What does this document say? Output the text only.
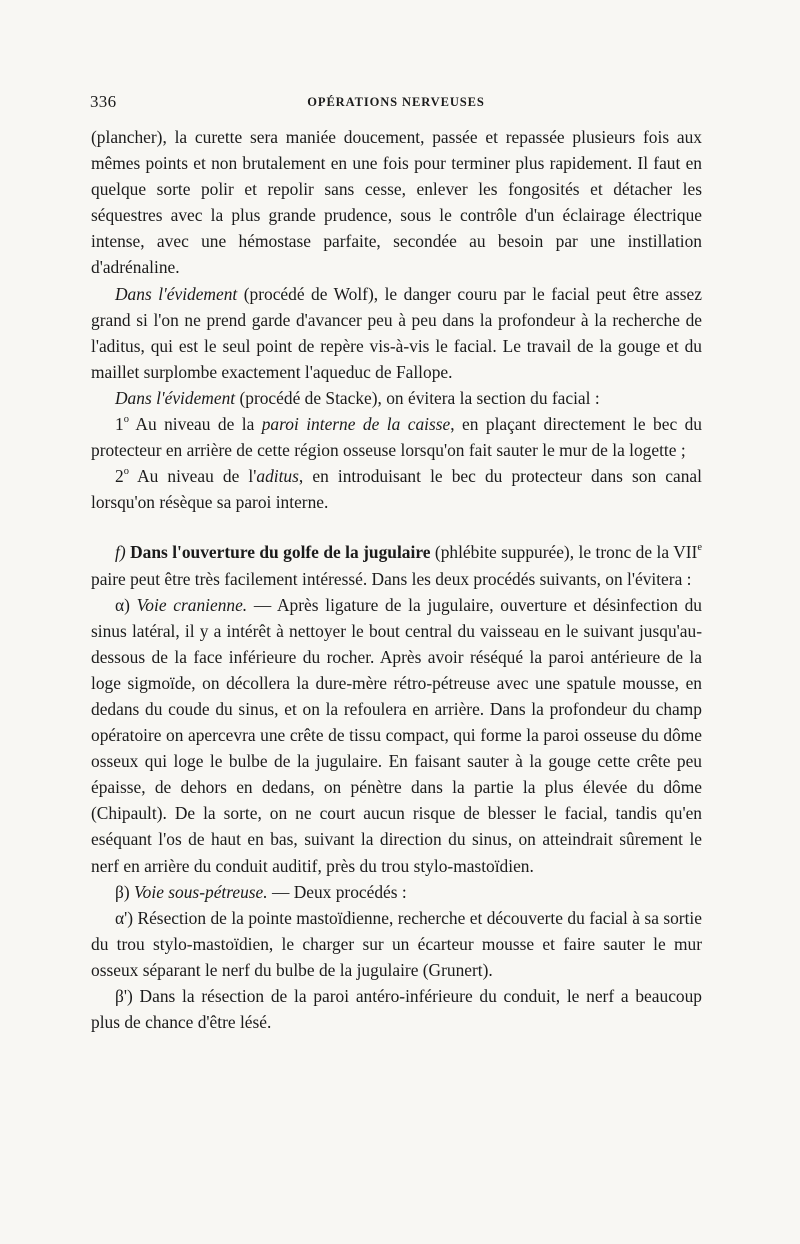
336	OPÉRATIONS NERVEUSES

(plancher), la curette sera maniée doucement, passée et repassée plusieurs fois aux mêmes points et non brutalement en une fois pour terminer plus rapidement. Il faut en quelque sorte polir et repolir sans cesse, enlever les fongosités et détacher les séquestres avec la plus grande prudence, sous le contrôle d'un éclairage électrique intense, avec une hémostase parfaite, secondée au besoin par une instillation d'adrénaline.

Dans l'évidement (procédé de Wolf), le danger couru par le facial peut être assez grand si l'on ne prend garde d'avancer peu à peu dans la profondeur à la recherche de l'aditus, qui est le seul point de repère vis-à-vis le facial. Le travail de la gouge et du maillet surplombe exactement l'aqueduc de Fallope.

Dans l'évidement (procédé de Stacke), on évitera la section du facial :

1$^o$ Au niveau de la paroi interne de la caisse, en plaçant directement le bec du protecteur en arrière de cette région osseuse lorsqu'on fait sauter le mur de la logette ;

2$^o$ Au niveau de l'aditus, en introduisant le bec du protecteur dans son canal lorsqu'on résèque sa paroi interne.

f) Dans l'ouverture du golfe de la jugulaire (phlébite suppurée), le tronc de la VIIe paire peut être très facilement intéressé. Dans les deux procédés suivants, on l'évitera :

α) Voie cranienne. — Après ligature de la jugulaire, ouverture et désinfection du sinus latéral, il y a intérêt à nettoyer le bout central du vaisseau en le suivant jusqu'au-dessous de la face inférieure du rocher. Après avoir réséqué la paroi antérieure de la loge sigmoïde, on décollera la dure-mère rétro-pétreuse avec une spatule mousse, en dedans du coude du sinus, et on la refoulera en arrière. Dans la profondeur du champ opératoire on apercevra une crête de tissu compact, qui forme la paroi osseuse du dôme osseux qui loge le bulbe de la jugulaire. En faisant sauter à la gouge cette crête peu épaisse, de dehors en dedans, on pénètre dans la partie la plus élevée du dôme (Chipault). De la sorte, on ne court aucun risque de blesser le facial, tandis qu'en eséquant l'os de haut en bas, suivant la direction du sinus, on atteindrait sûrement le nerf en arrière du conduit auditif, près du trou stylo-mastoïdien.

β) Voie sous-pétreuse. — Deux procédés :

α') Résection de la pointe mastoïdienne, recherche et découverte du facial à sa sortie du trou stylo-mastoïdien, le charger sur un écarteur mousse et faire sauter le mur osseux séparant le nerf du bulbe de la jugulaire (Grunert).

β') Dans la résection de la paroi antéro-inférieure du conduit, le nerf a beaucoup plus de chance d'être lésé.
